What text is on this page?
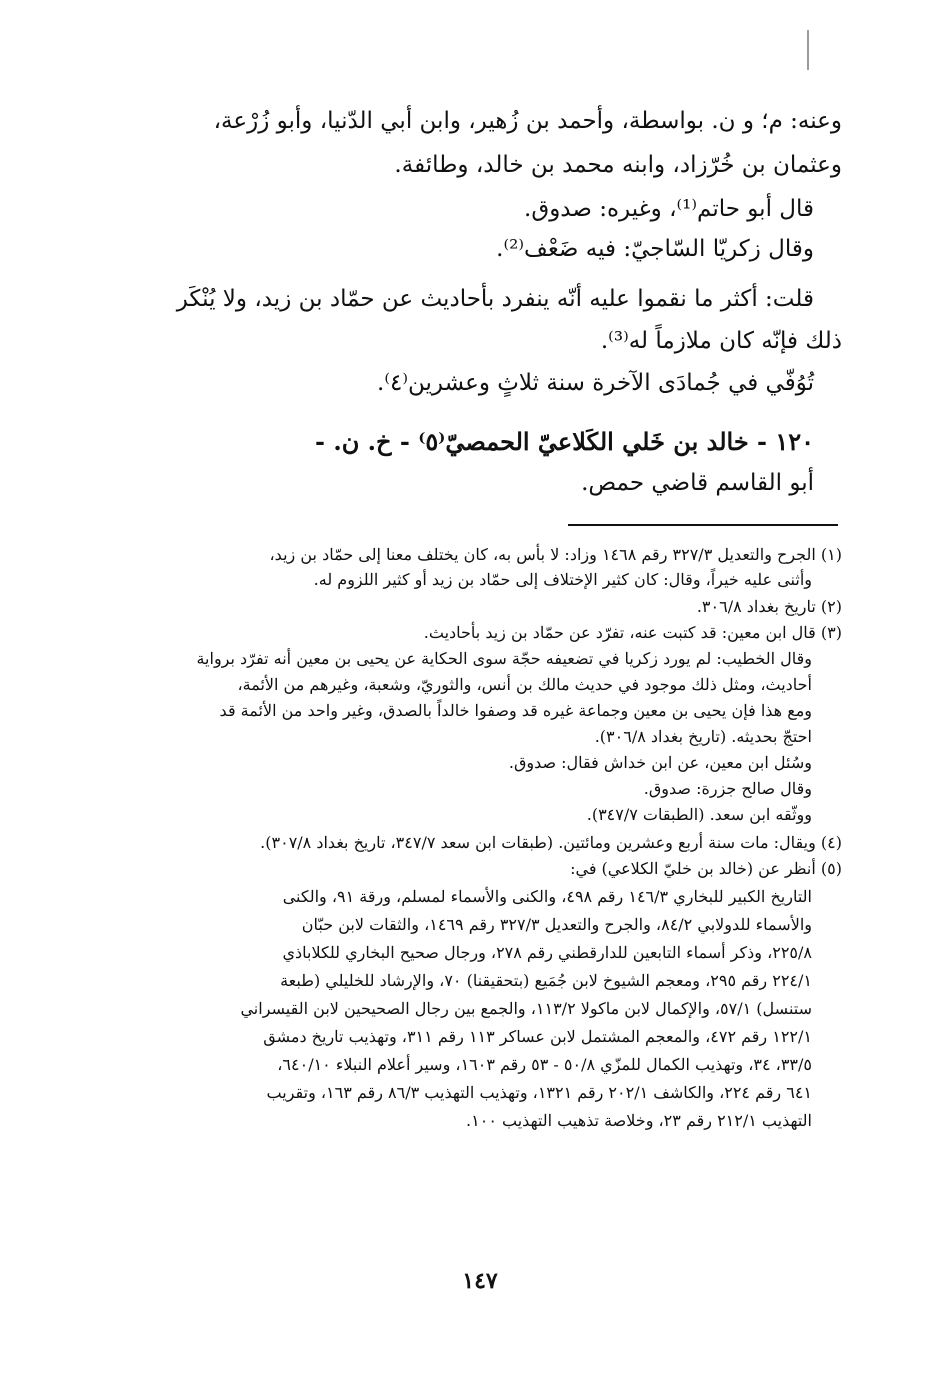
وعنه: م؛ و ن. بواسطة، وأحمد بن زُهير، وابن أبي الدّنيا، وأبو زُرْعة،
وعثمان بن خُرّزاد، وابنه محمد بن خالد، وطائفة.
قال أبو حاتم⁽¹⁾، وغيره: صدوق.
وقال زكريّا السّاجيّ: فيه ضَعْف⁽²⁾.
قلت: أكثر ما نقموا عليه أنّه ينفرد بأحاديث عن حمّاد بن زيد، ولا يُنْكَر
ذلك فإنّه كان ملازماً له⁽³⁾.
تُوُفّي في جُمادَى الآخرة سنة ثلاثٍ وعشرين⁽٤⁾.
١٢٠ - خالد بن خَلي الكَلاعيّ الحمصيّ⁽٥⁾ - خ. ن. -
أبو القاسم قاضي حمص.
(١) الجرح والتعديل ٣٢٧/٣ رقم ١٤٦٨ وزاد: لا بأس به، كان يختلف معنا إلى حمّاد بن زيد،
وأثنى عليه خيراً، وقال: كان كثير الإختلاف إلى حمّاد بن زيد أو كثير اللزوم له.
(٢) تاريخ بغداد ٣٠٦/٨.
(٣) قال ابن معين: قد كتبت عنه، تفرّد عن حمّاد بن زيد بأحاديث.
وقال الخطيب: لم يورد زكريا في تضعيفه حجّة سوى الحكاية عن يحيى بن معين أنه تفرّد برواية
أحاديث، ومثل ذلك موجود في حديث مالك بن أنس، والثوريّ، وشعبة، وغيرهم من الأئمة،
ومع هذا فإن يحيى بن معين وجماعة غيره قد وصفوا خالداً بالصدق، وغير واحد من الأئمة قد
احتجّ بحديثه. (تاريخ بغداد ٣٠٦/٨).
وسُئل ابن معين، عن ابن خداش فقال: صدوق.
وقال صالح جزرة: صدوق.
ووثّقه ابن سعد. (الطبقات ٣٤٧/٧).
(٤) ويقال: مات سنة أربع وعشرين ومائتين. (طبقات ابن سعد ٣٤٧/٧، تاريخ بغداد ٣٠٧/٨).
(٥) أنظر عن (خالد بن خليّ الكلاعي) في:
التاريخ الكبير للبخاري ١٤٦/٣ رقم ٤٩٨، والكنى والأسماء لمسلم، ورقة ٩١، والكنى
والأسماء للدولابي ٨٤/٢، والجرح والتعديل ٣٢٧/٣ رقم ١٤٦٩، والثقات لابن حبّان
٢٢٥/٨، وذكر أسماء التابعين للدارقطني رقم ٢٧٨، ورجال صحيح البخاري للكلاباذي
٢٢٤/١ رقم ٢٩٥، ومعجم الشيوخ لابن جُمَيع (بتحقيقنا) ٧٠، والإرشاد للخليلي (طبعة
ستنسل) ٥٧/١، والإكمال لابن ماكولا ١١٣/٢، والجمع بين رجال الصحيحين لابن القيسراني
١٢٢/١ رقم ٤٧٢، والمعجم المشتمل لابن عساكر ١١٣ رقم ٣١١، وتهذيب تاريخ دمشق
٣٣/٥، ٣٤، وتهذيب الكمال للمزّي ٥٠/٨ - ٥٣ رقم ١٦٠٣، وسير أعلام النبلاء ٦٤٠/١٠،
٦٤١ رقم ٢٢٤، والكاشف ٢٠٢/١ رقم ١٣٢١، وتهذيب التهذيب ٨٦/٣ رقم ١٦٣، وتقريب
التهذيب ٢١٢/١ رقم ٢٣، وخلاصة تذهيب التهذيب ١٠٠.
١٤٧
